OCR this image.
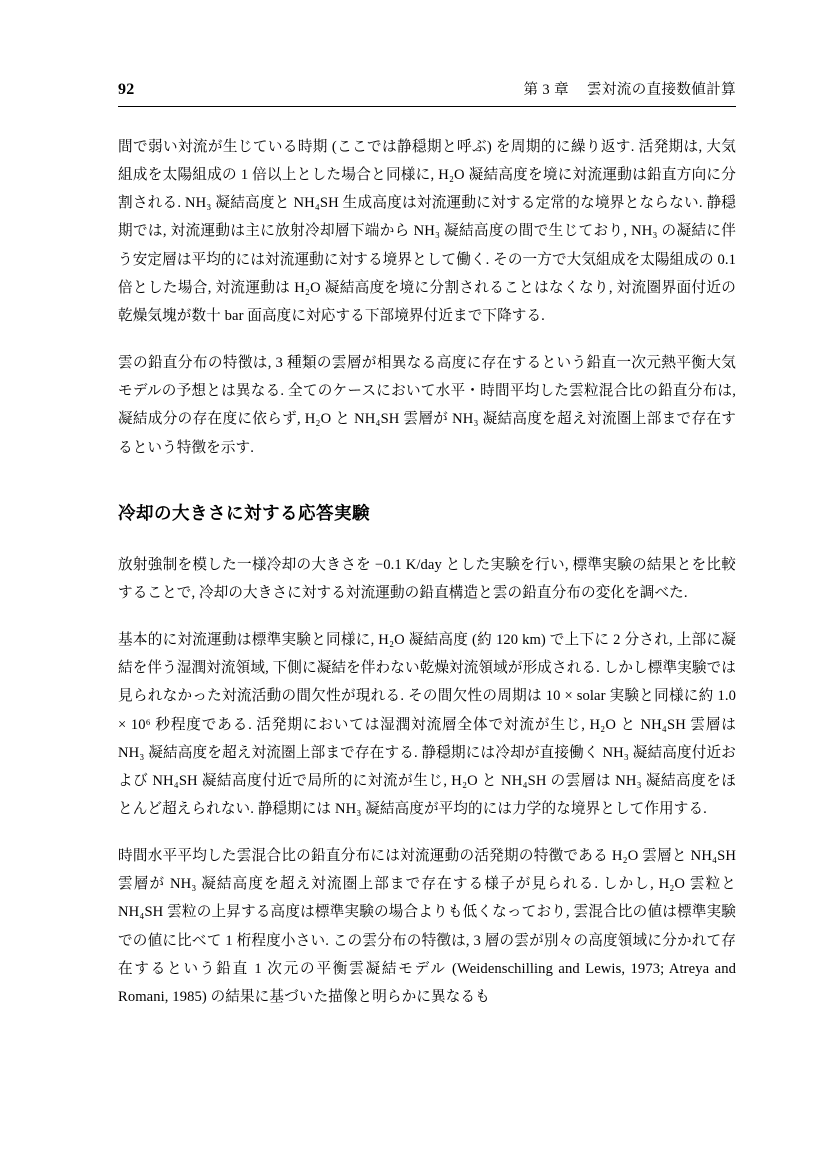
92	第 3 章 雲対流の直接数値計算

間で弱い対流が生じている時期 (ここでは静穏期と呼ぶ) を周期的に繰り返す. 活発期は, 大気組成を太陽組成の 1 倍以上とした場合と同様に, H₂O 凝結高度を境に対流運動は鉛直方向に分割される. NH₃ 凝結高度と NH₄SH 生成高度は対流運動に対する定常的な境界とならない. 静穏期では, 対流運動は主に放射冷却層下端から NH₃ 凝結高度の間で生じており, NH₃ の凝結に伴う安定層は平均的には対流運動に対する境界として働く. その一方で大気組成を太陽組成の 0.1 倍とした場合, 対流運動は H₂O 凝結高度を境に分割されることはなくなり, 対流圏界面付近の乾燥気塊が数十 bar 面高度に対応する下部境界付近まで下降する.

雲の鉛直分布の特徴は, 3 種類の雲層が相異なる高度に存在するという鉛直一次元熱平衡大気モデルの予想とは異なる. 全てのケースにおいて水平・時間平均した雲粒混合比の鉛直分布は, 凝結成分の存在度に依らず, H₂O と NH₄SH 雲層が NH₃ 凝結高度を超え対流圏上部まで存在するという特徴を示す.

冷却の大きさに対する応答実験

放射強制を模した一様冷却の大きさを −0.1 K/day とした実験を行い, 標準実験の結果とを比較することで, 冷却の大きさに対する対流運動の鉛直構造と雲の鉛直分布の変化を調べた.

基本的に対流運動は標準実験と同様に, H₂O 凝結高度 (約 120 km) で上下に 2 分され, 上部に凝結を伴う湿潤対流領域, 下側に凝結を伴わない乾燥対流領域が形成される. しかし標準実験では見られなかった対流活動の間欠性が現れる. その間欠性の周期は 10 × solar 実験と同様に約 1.0 × 10⁶ 秒程度である. 活発期においては湿潤対流層全体で対流が生じ, H₂O と NH₄SH 雲層は NH₃ 凝結高度を超え対流圏上部まで存在する. 静穏期には冷却が直接働く NH₃ 凝結高度付近および NH₄SH 凝結高度付近で局所的に対流が生じ, H₂O と NH₄SH の雲層は NH₃ 凝結高度をほとんど超えられない. 静穏期には NH₃ 凝結高度が平均的には力学的な境界として作用する.

時間水平平均した雲混合比の鉛直分布には対流運動の活発期の特徴である H₂O 雲層と NH₄SH 雲層が NH₃ 凝結高度を超え対流圏上部まで存在する様子が見られる. しかし, H₂O 雲粒と NH₄SH 雲粒の上昇する高度は標準実験の場合よりも低くなっており, 雲混合比の値は標準実験での値に比べて 1 桁程度小さい. この雲分布の特徴は, 3 層の雲が別々の高度領域に分かれて存在するという鉛直 1 次元の平衡雲凝結モデル (Weidenschilling and Lewis, 1973; Atreya and Romani, 1985) の結果に基づいた描像と明らかに異なるも
